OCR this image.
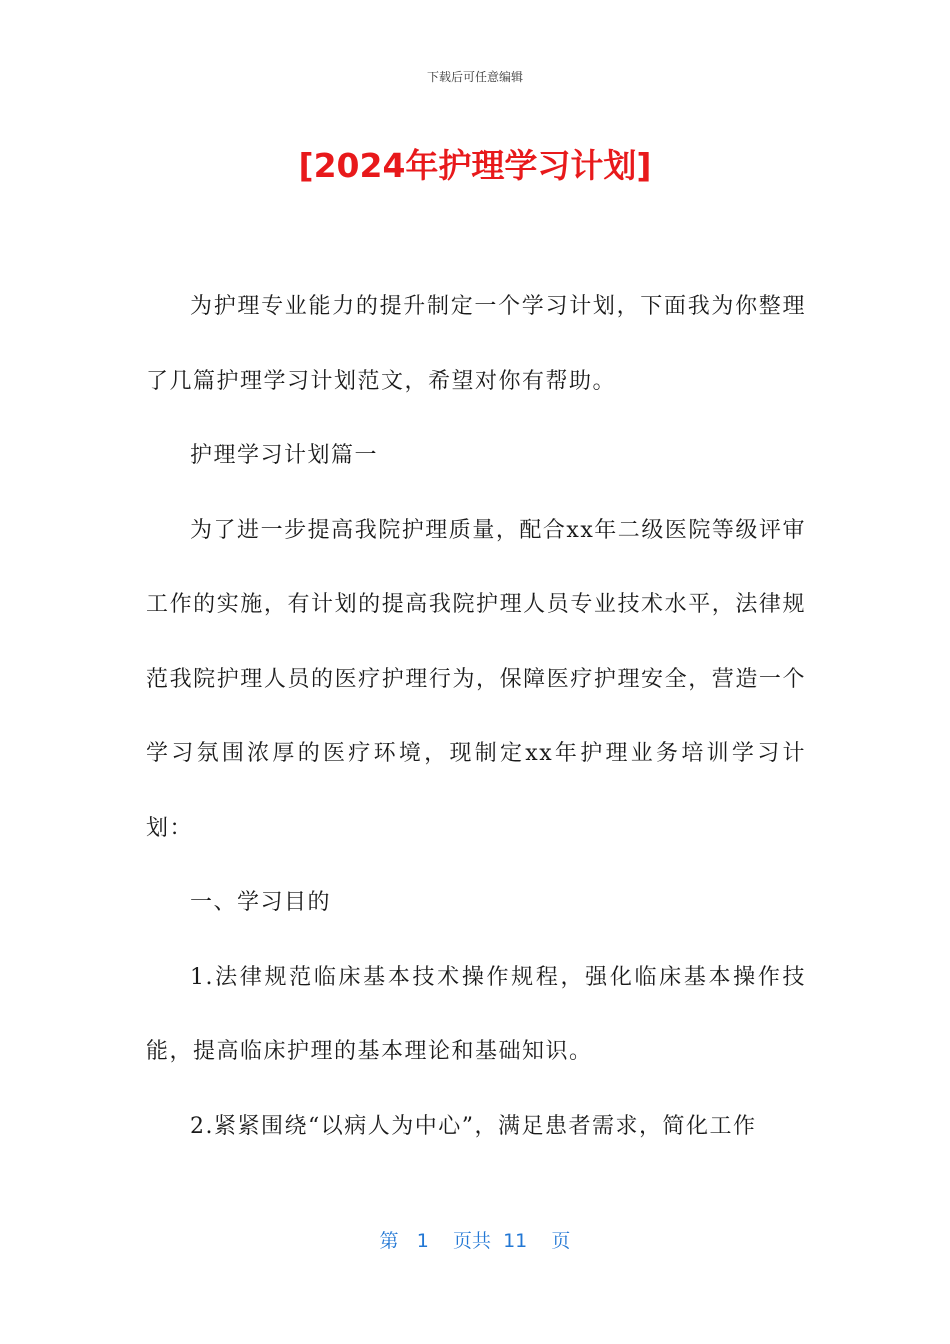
下载后可任意编辑
[2024年护理学习计划]

为护理专业能力的提升制定一个学习计划，下面我为你整理了几篇护理学习计划范文，希望对你有帮助。

护理学习计划篇一

为了进一步提高我院护理质量，配合xx年二级医院等级评审工作的实施，有计划的提高我院护理人员专业技术水平，法律规范我院护理人员的医疗护理行为，保障医疗护理安全，营造一个学习氛围浓厚的医疗环境，现制定xx年护理业务培训学习计划：

一、学习目的

1.法律规范临床基本技术操作规程，强化临床基本操作技能，提高临床护理的基本理论和基础知识。

2.紧紧围绕“以病人为中心”，满足患者需求，简化工作

第 1 页共 11 页
